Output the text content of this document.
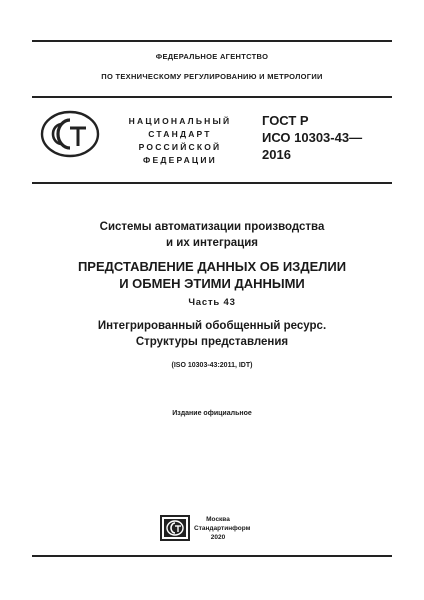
ФЕДЕРАЛЬНОЕ АГЕНТСТВО
ПО ТЕХНИЧЕСКОМУ РЕГУЛИРОВАНИЮ И МЕТРОЛОГИИ
НАЦИОНАЛЬНЫЙ
СТАНДАРТ
РОССИЙСКОЙ
ФЕДЕРАЦИИ
ГОСТ Р
ИСО 10303-43—
2016
Системы автоматизации производства
и их интеграция
ПРЕДСТАВЛЕНИЕ ДАННЫХ ОБ ИЗДЕЛИИ
И ОБМЕН ЭТИМИ ДАННЫМИ
Часть 43
Интегрированный обобщенный ресурс.
Структуры представления
(ISO 10303-43:2011, IDT)
Издание официальное
Москва
Стандартинформ
2020
